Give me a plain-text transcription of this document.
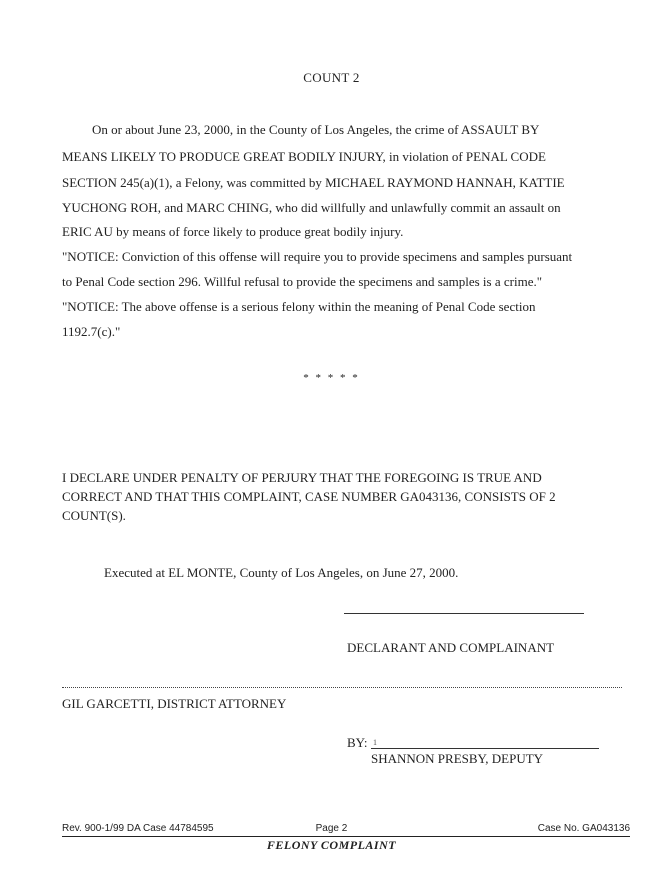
COUNT 2
On or about June 23, 2000, in the County of Los Angeles, the crime of ASSAULT BY
MEANS LIKELY TO PRODUCE GREAT BODILY INJURY, in violation of PENAL CODE
SECTION 245(a)(1), a Felony, was committed by MICHAEL RAYMOND HANNAH, KATTIE
YUCHONG ROH, and MARC CHING, who did willfully and unlawfully commit an assault on
ERIC AU by means of force likely to produce great bodily injury.
"NOTICE: Conviction of this offense will require you to provide specimens and samples pursuant
to Penal Code section 296. Willful refusal to provide the specimens and samples is a crime."
"NOTICE: The above offense is a serious felony within the meaning of Penal Code section
1192.7(c)."
* * * * *
I DECLARE UNDER PENALTY OF PERJURY THAT THE FOREGOING IS TRUE AND
CORRECT AND THAT THIS COMPLAINT, CASE NUMBER GA043136, CONSISTS OF 2
COUNT(S).
Executed at EL MONTE, County of Los Angeles, on June 27, 2000.
DECLARANT AND COMPLAINANT
GIL GARCETTI, DISTRICT ATTORNEY
BY: 1
SHANNON PRESBY, DEPUTY
Rev. 900-1/99 DA Case 44784595	Page 2	Case No. GA043136
FELONY COMPLAINT
